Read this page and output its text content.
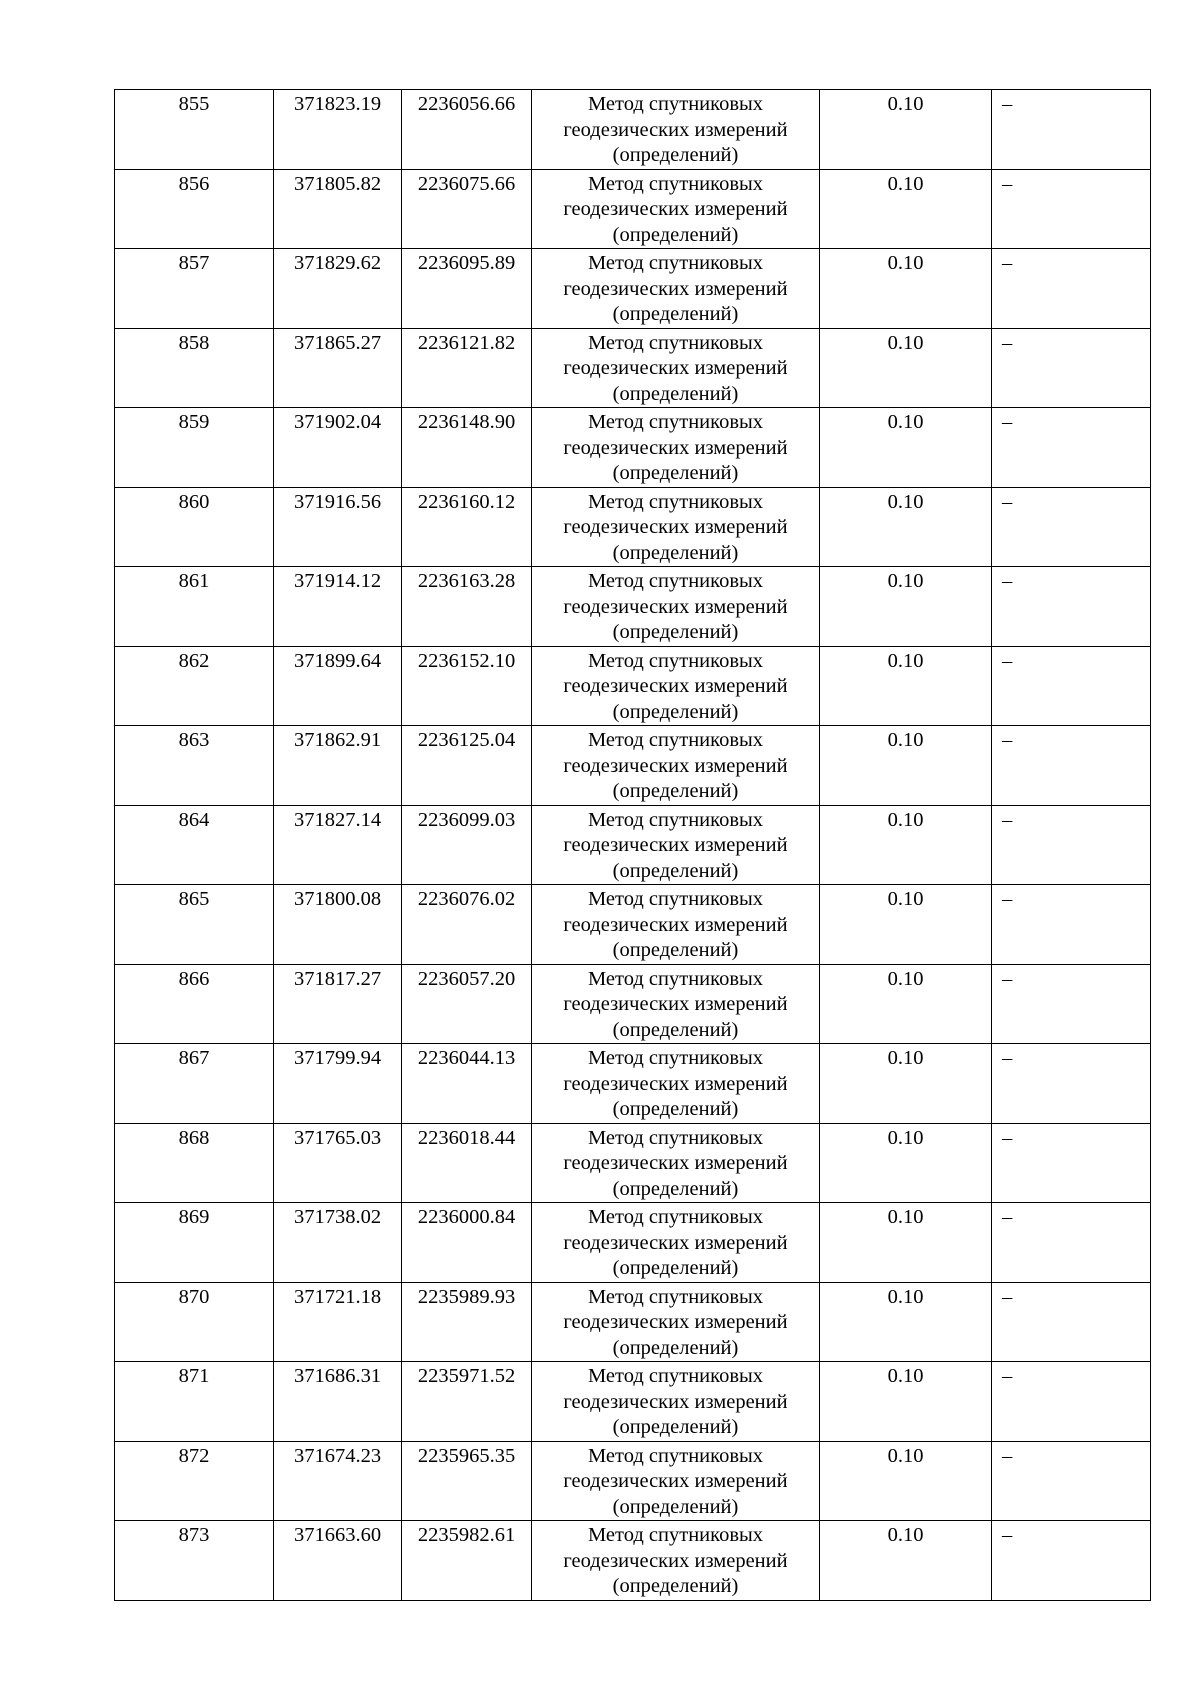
855	371823.19	2236056.66	Метод спутниковых геодезических измерений (определений)	0.10	–
856	371805.82	2236075.66	Метод спутниковых геодезических измерений (определений)	0.10	–
857	371829.62	2236095.89	Метод спутниковых геодезических измерений (определений)	0.10	–
858	371865.27	2236121.82	Метод спутниковых геодезических измерений (определений)	0.10	–
859	371902.04	2236148.90	Метод спутниковых геодезических измерений (определений)	0.10	–
860	371916.56	2236160.12	Метод спутниковых геодезических измерений (определений)	0.10	–
861	371914.12	2236163.28	Метод спутниковых геодезических измерений (определений)	0.10	–
862	371899.64	2236152.10	Метод спутниковых геодезических измерений (определений)	0.10	–
863	371862.91	2236125.04	Метод спутниковых геодезических измерений (определений)	0.10	–
864	371827.14	2236099.03	Метод спутниковых геодезических измерений (определений)	0.10	–
865	371800.08	2236076.02	Метод спутниковых геодезических измерений (определений)	0.10	–
866	371817.27	2236057.20	Метод спутниковых геодезических измерений (определений)	0.10	–
867	371799.94	2236044.13	Метод спутниковых геодезических измерений (определений)	0.10	–
868	371765.03	2236018.44	Метод спутниковых геодезических измерений (определений)	0.10	–
869	371738.02	2236000.84	Метод спутниковых геодезических измерений (определений)	0.10	–
870	371721.18	2235989.93	Метод спутниковых геодезических измерений (определений)	0.10	–
871	371686.31	2235971.52	Метод спутниковых геодезических измерений (определений)	0.10	–
872	371674.23	2235965.35	Метод спутниковых геодезических измерений (определений)	0.10	–
873	371663.60	2235982.61	Метод спутниковых геодезических измерений (определений)	0.10	–
